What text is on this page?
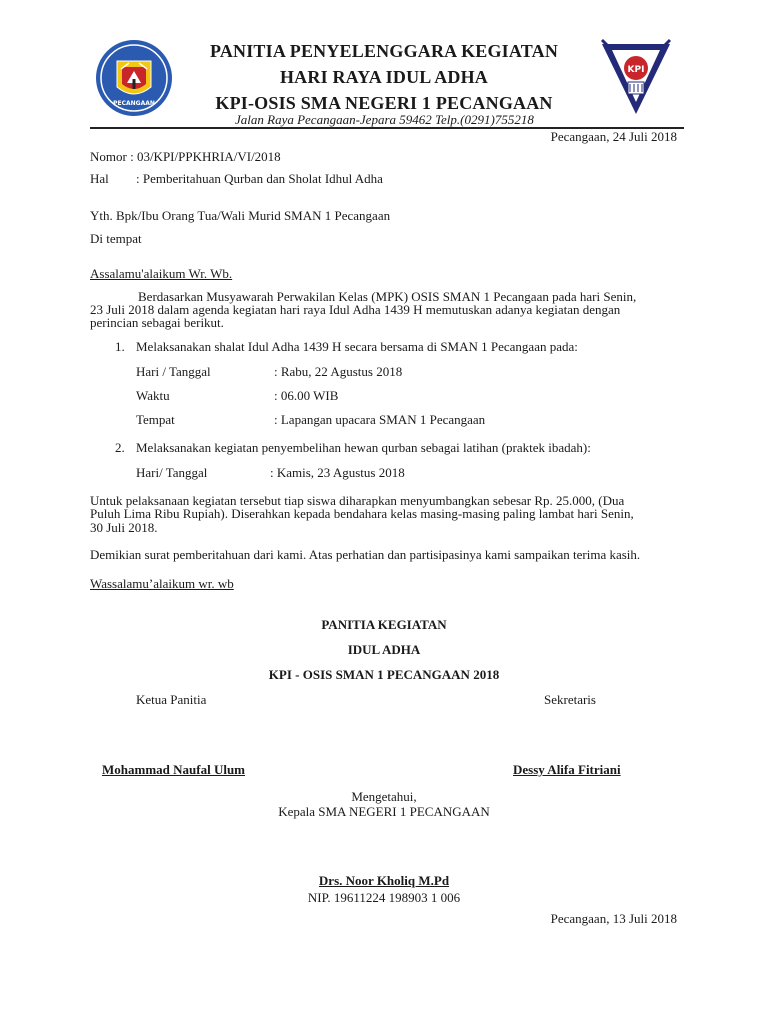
PECANGAAN
KPI
PANITIA PENYELENGGARA KEGIATAN
HARI RAYA IDUL ADHA
KPI-OSIS SMA NEGERI 1 PECANGAAN
Jalan Raya Pecangaan-Jepara 59462 Telp.(0291)755218
Pecangaan, 24 Juli 2018
Nomor : 03/KPI/PPKHRIA/VI/2018
Hal : Pemberitahuan Qurban dan Sholat Idhul Adha
Yth. Bpk/Ibu Orang Tua/Wali Murid SMAN 1 Pecangaan
Di tempat
Assalamu'alaikum Wr. Wb.
Berdasarkan Musyawarah Perwakilan Kelas (MPK) OSIS SMAN 1 Pecangaan pada hari Senin,
23 Juli 2018 dalam agenda kegiatan hari raya Idul Adha 1439 H memutuskan adanya kegiatan dengan
perincian sebagai berikut.
1. Melaksanakan shalat Idul Adha 1439 H secara bersama di SMAN 1 Pecangaan pada:
Hari / Tanggal	: Rabu, 22 Agustus 2018
Waktu	: 06.00 WIB
Tempat	: Lapangan upacara SMAN 1 Pecangaan
2. Melaksanakan kegiatan penyembelihan hewan qurban sebagai latihan (praktek ibadah):
Hari/ Tanggal	: Kamis, 23 Agustus 2018
Untuk pelaksanaan kegiatan tersebut tiap siswa diharapkan menyumbangkan sebesar Rp. 25.000, (Dua
Puluh Lima Ribu Rupiah). Diserahkan kepada bendahara kelas masing-masing paling lambat hari Senin,
30 Juli 2018.
Demikian surat pemberitahuan dari kami. Atas perhatian dan partisipasinya kami sampaikan terima kasih.
Wassalamu’alaikum wr. wb
PANITIA KEGIATAN
IDUL ADHA
KPI - OSIS SMAN 1 PECANGAAN 2018
Ketua Panitia	Sekretaris
Mohammad Naufal Ulum	Dessy Alifa Fitriani
Mengetahui,
Kepala SMA NEGERI 1 PECANGAAN
Drs. Noor Kholiq M.Pd
NIP. 19611224 198903 1 006
Pecangaan, 13 Juli 2018
